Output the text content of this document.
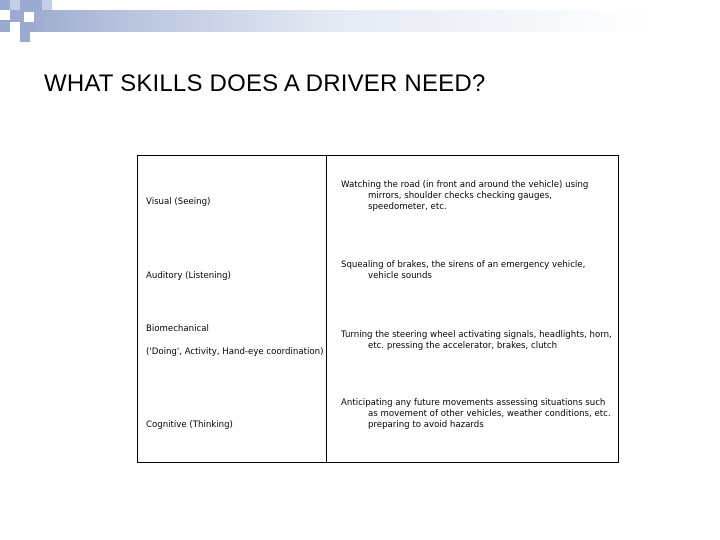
WHAT SKILLS DOES A DRIVER NEED?
Visual (Seeing)	Watching the road (in front and around the vehicle) using mirrors, shoulder checks checking gauges, speedometer, etc.

Auditory (Listening)	Squealing of brakes, the sirens of an emergency vehicle, vehicle sounds

Biomechanical
('Doing', Activity, Hand-eye coordination)	Turning the steering wheel activating signals, headlights, horn, etc. pressing the accelerator, brakes, clutch

Cognitive (Thinking)	Anticipating any future movements assessing situations such as movement of other vehicles, weather conditions, etc. preparing to avoid hazards
